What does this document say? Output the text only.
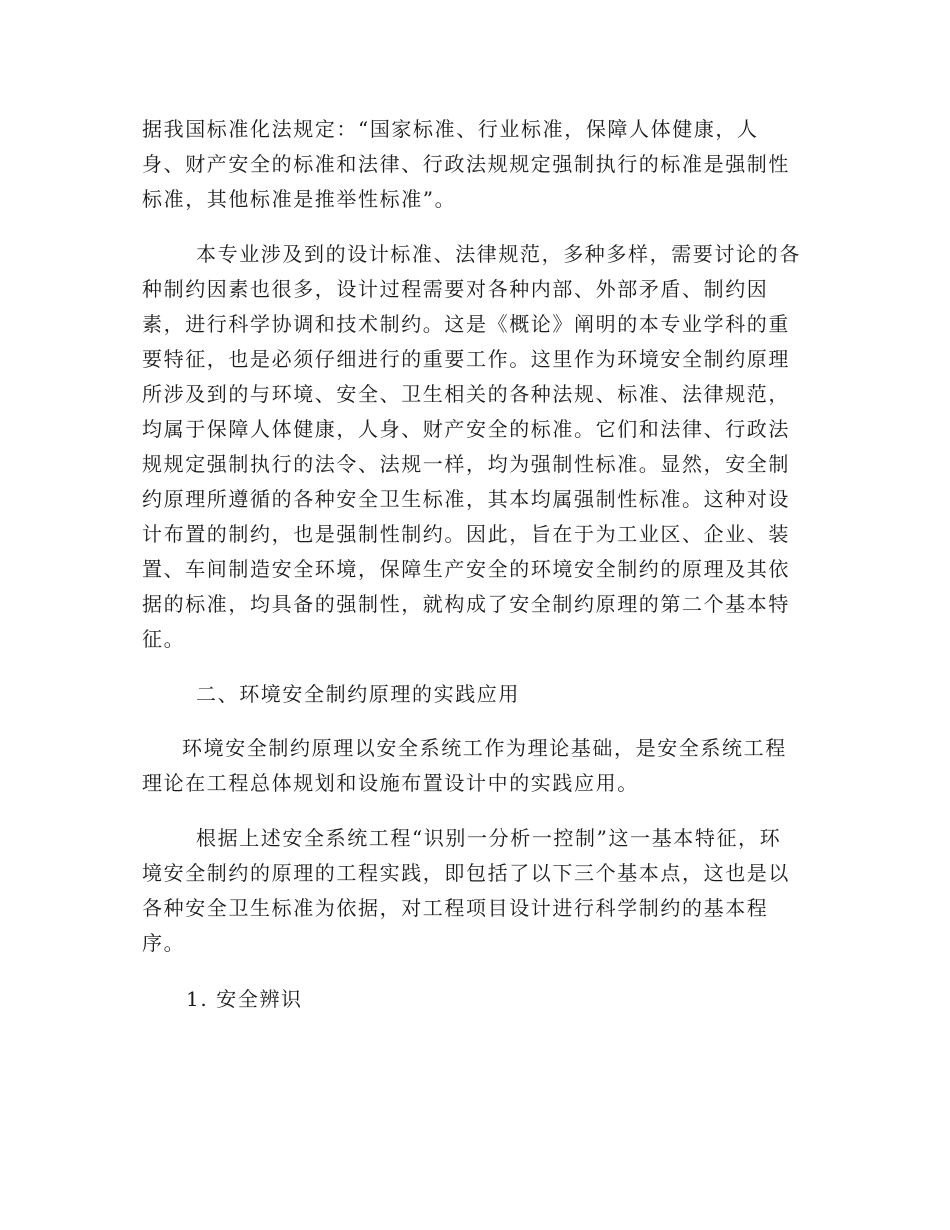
据我国标准化法规定：“国家标准、行业标准，保障人体健康，人
身、财产安全的标准和法律、行政法规规定强制执行的标准是强制性
标准，其他标准是推举性标准”。
本专业涉及到的设计标准、法律规范，多种多样，需要讨论的各
种制约因素也很多，设计过程需要对各种内部、外部矛盾、制约因
素，进行科学协调和技术制约。这是《概论》阐明的本专业学科的重
要特征，也是必须仔细进行的重要工作。这里作为环境安全制约原理
所涉及到的与环境、安全、卫生相关的各种法规、标准、法律规范，
均属于保障人体健康，人身、财产安全的标准。它们和法律、行政法
规规定强制执行的法令、法规一样，均为强制性标准。显然，安全制
约原理所遵循的各种安全卫生标准，其本均属强制性标准。这种对设
计布置的制约，也是强制性制约。因此，旨在于为工业区、企业、装
置、车间制造安全环境，保障生产安全的环境安全制约的原理及其依
据的标准，均具备的强制性，就构成了安全制约原理的第二个基本特
征。
二、环境安全制约原理的实践应用
环境安全制约原理以安全系统工作为理论基础，是安全系统工程
理论在工程总体规划和设施布置设计中的实践应用。
根据上述安全系统工程“识别一分析一控制”这一基本特征，环
境安全制约的原理的工程实践，即包括了以下三个基本点，这也是以
各种安全卫生标准为依据，对工程项目设计进行科学制约的基本程
序。
1. 安全辨识
